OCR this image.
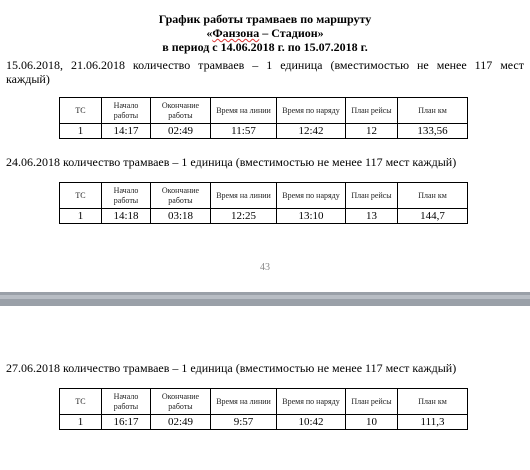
График работы трамваев по маршруту
«Фанзона – Стадион»
в период с 14.06.2018 г. по 15.07.2018 г.
15.06.2018, 21.06.2018 количество трамваев – 1 единица (вместимостью не менее 117 мест
каждый)
ТС	Начало работы	Окончание работы	Время на линии	Время по наряду	План рейсы	План км
1	14:17	02:49	11:57	12:42	12	133,56
24.06.2018 количество трамваев – 1 единица (вместимостью не менее 117 мест каждый)
ТС	Начало работы	Окончание работы	Время на линии	Время по наряду	План рейсы	План км
1	14:18	03:18	12:25	13:10	13	144,7
43
27.06.2018 количество трамваев – 1 единица (вместимостью не менее 117 мест каждый)
ТС	Начало работы	Окончание работы	Время на линии	Время по наряду	План рейсы	План км
1	16:17	02:49	9:57	10:42	10	111,3
